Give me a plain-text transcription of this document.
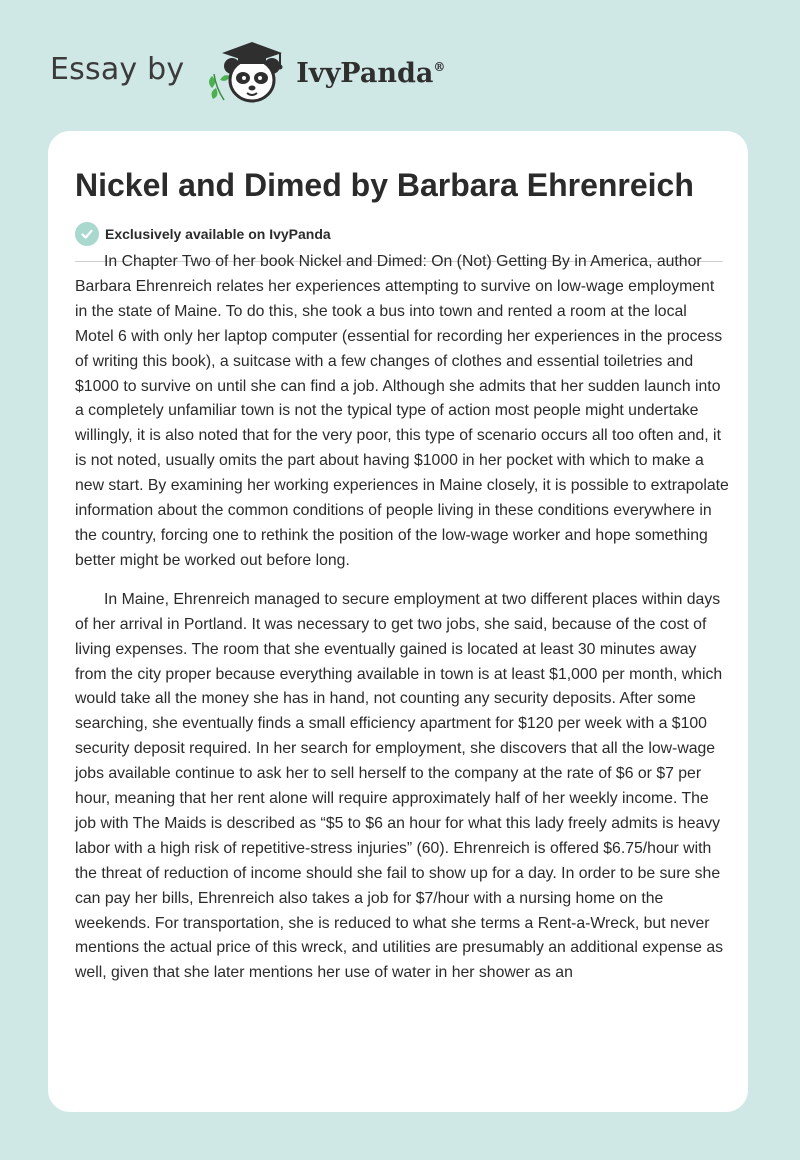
Essay by	IvyPanda®
Nickel and Dimed by Barbara Ehrenreich
Exclusively available on IvyPanda

In Chapter Two of her book Nickel and Dimed: On (Not) Getting By in America, author Barbara Ehrenreich relates her experiences attempting to survive on low-wage employment in the state of Maine. To do this, she took a bus into town and rented a room at the local Motel 6 with only her laptop computer (essential for recording her experiences in the process of writing this book), a suitcase with a few changes of clothes and essential toiletries and $1000 to survive on until she can find a job. Although she admits that her sudden launch into a completely unfamiliar town is not the typical type of action most people might undertake willingly, it is also noted that for the very poor, this type of scenario occurs all too often and, it is not noted, usually omits the part about having $1000 in her pocket with which to make a new start. By examining her working experiences in Maine closely, it is possible to extrapolate information about the common conditions of people living in these conditions everywhere in the country, forcing one to rethink the position of the low-wage worker and hope something better might be worked out before long.

In Maine, Ehrenreich managed to secure employment at two different places within days of her arrival in Portland. It was necessary to get two jobs, she said, because of the cost of living expenses. The room that she eventually gained is located at least 30 minutes away from the city proper because everything available in town is at least $1,000 per month, which would take all the money she has in hand, not counting any security deposits. After some searching, she eventually finds a small efficiency apartment for $120 per week with a $100 security deposit required. In her search for employment, she discovers that all the low-wage jobs available continue to ask her to sell herself to the company at the rate of $6 or $7 per hour, meaning that her rent alone will require approximately half of her weekly income. The job with The Maids is described as “$5 to $6 an hour for what this lady freely admits is heavy labor with a high risk of repetitive-stress injuries” (60). Ehrenreich is offered $6.75/hour with the threat of reduction of income should she fail to show up for a day. In order to be sure she can pay her bills, Ehrenreich also takes a job for $7/hour with a nursing home on the weekends. For transportation, she is reduced to what she terms a Rent-a-Wreck, but never mentions the actual price of this wreck, and utilities are presumably an additional expense as well, given that she later mentions her use of water in her shower as an
